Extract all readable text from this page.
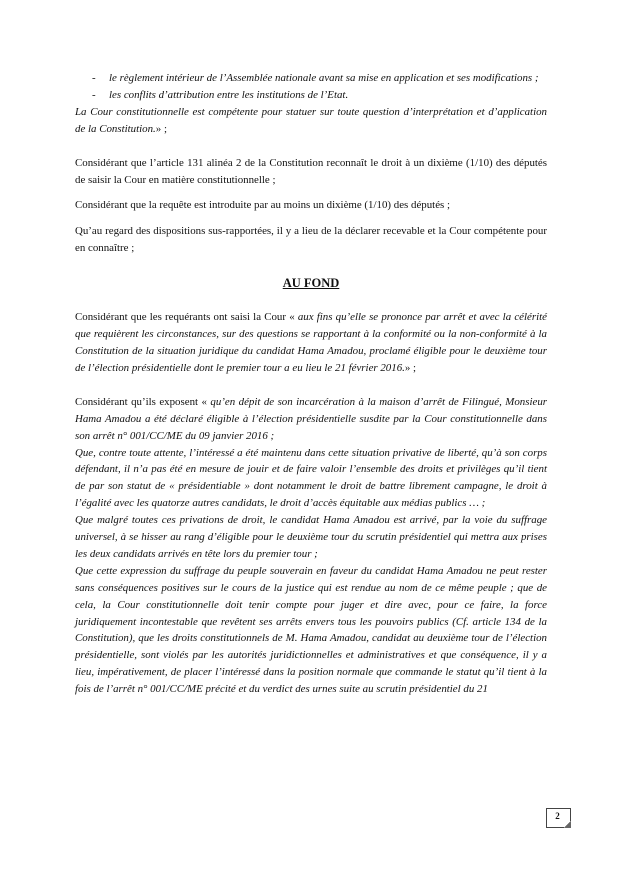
- le règlement intérieur de l’Assemblée nationale avant sa mise en application et ses modifications ;
- les conflits d’attribution entre les institutions de l’Etat.

La Cour constitutionnelle est compétente pour statuer sur toute question d’interprétation et d’application de la Constitution.» ;

Considérant que l’article 131 alinéa 2 de la Constitution reconnaît le droit à un dixième (1/10) des députés de saisir la Cour en matière constitutionnelle ;

Considérant que la requête est introduite par au moins un dixième (1/10) des députés ;

Qu’au regard des dispositions sus-rapportées, il y a lieu de la déclarer recevable et la Cour compétente pour en connaître ;

AU FOND

Considérant que les requérants ont saisi la Cour « aux fins qu’elle se prononce par arrêt et avec la célérité que requièrent les circonstances, sur des questions se rapportant à la conformité ou la non-conformité à la Constitution de la situation juridique du candidat Hama Amadou, proclamé éligible pour le deuxième tour de l’élection présidentielle dont le premier tour a eu lieu le 21 février 2016.» ;

Considérant qu’ils exposent « qu’en dépit de son incarcération à la maison d’arrêt de Filingué, Monsieur Hama Amadou a été déclaré éligible à l’élection présidentielle susdite par la Cour constitutionnelle dans son arrêt n° 001/CC/ME du 09 janvier 2016 ;

Que, contre toute attente, l’intéressé a été maintenu dans cette situation privative de liberté, qu’à son corps défendant, il n’a pas été en mesure de jouir et de faire valoir l’ensemble des droits et privilèges qu’il tient de par son statut de « présidentiable » dont notamment le droit de battre librement campagne, le droit à l’égalité avec les quatorze autres candidats, le droit d’accès équitable aux médias publics … ;

Que malgré toutes ces privations de droit, le candidat Hama Amadou est arrivé, par la voie du suffrage universel, à se hisser au rang d’éligible pour le deuxième tour du scrutin présidentiel qui mettra aux prises les deux candidats arrivés en tête lors du premier tour ;

Que cette expression du suffrage du peuple souverain en faveur du candidat Hama Amadou ne peut rester sans conséquences positives sur le cours de la justice qui est rendue au nom de ce même peuple ; que de cela, la Cour constitutionnelle doit tenir compte pour juger et dire avec, pour ce faire, la force juridiquement incontestable que revêtent ses arrêts envers tous les pouvoirs publics (Cf. article 134 de la Constitution), que les droits constitutionnels de M. Hama Amadou, candidat au deuxième tour de l’élection présidentielle, sont violés par les autorités juridictionnelles et administratives et que conséquence, il y a lieu, impérativement, de placer l’intéressé dans la position normale que commande le statut qu’il tient à la fois de l’arrêt n° 001/CC/ME précité et du verdict des urnes suite au scrutin présidentiel du 21

2
